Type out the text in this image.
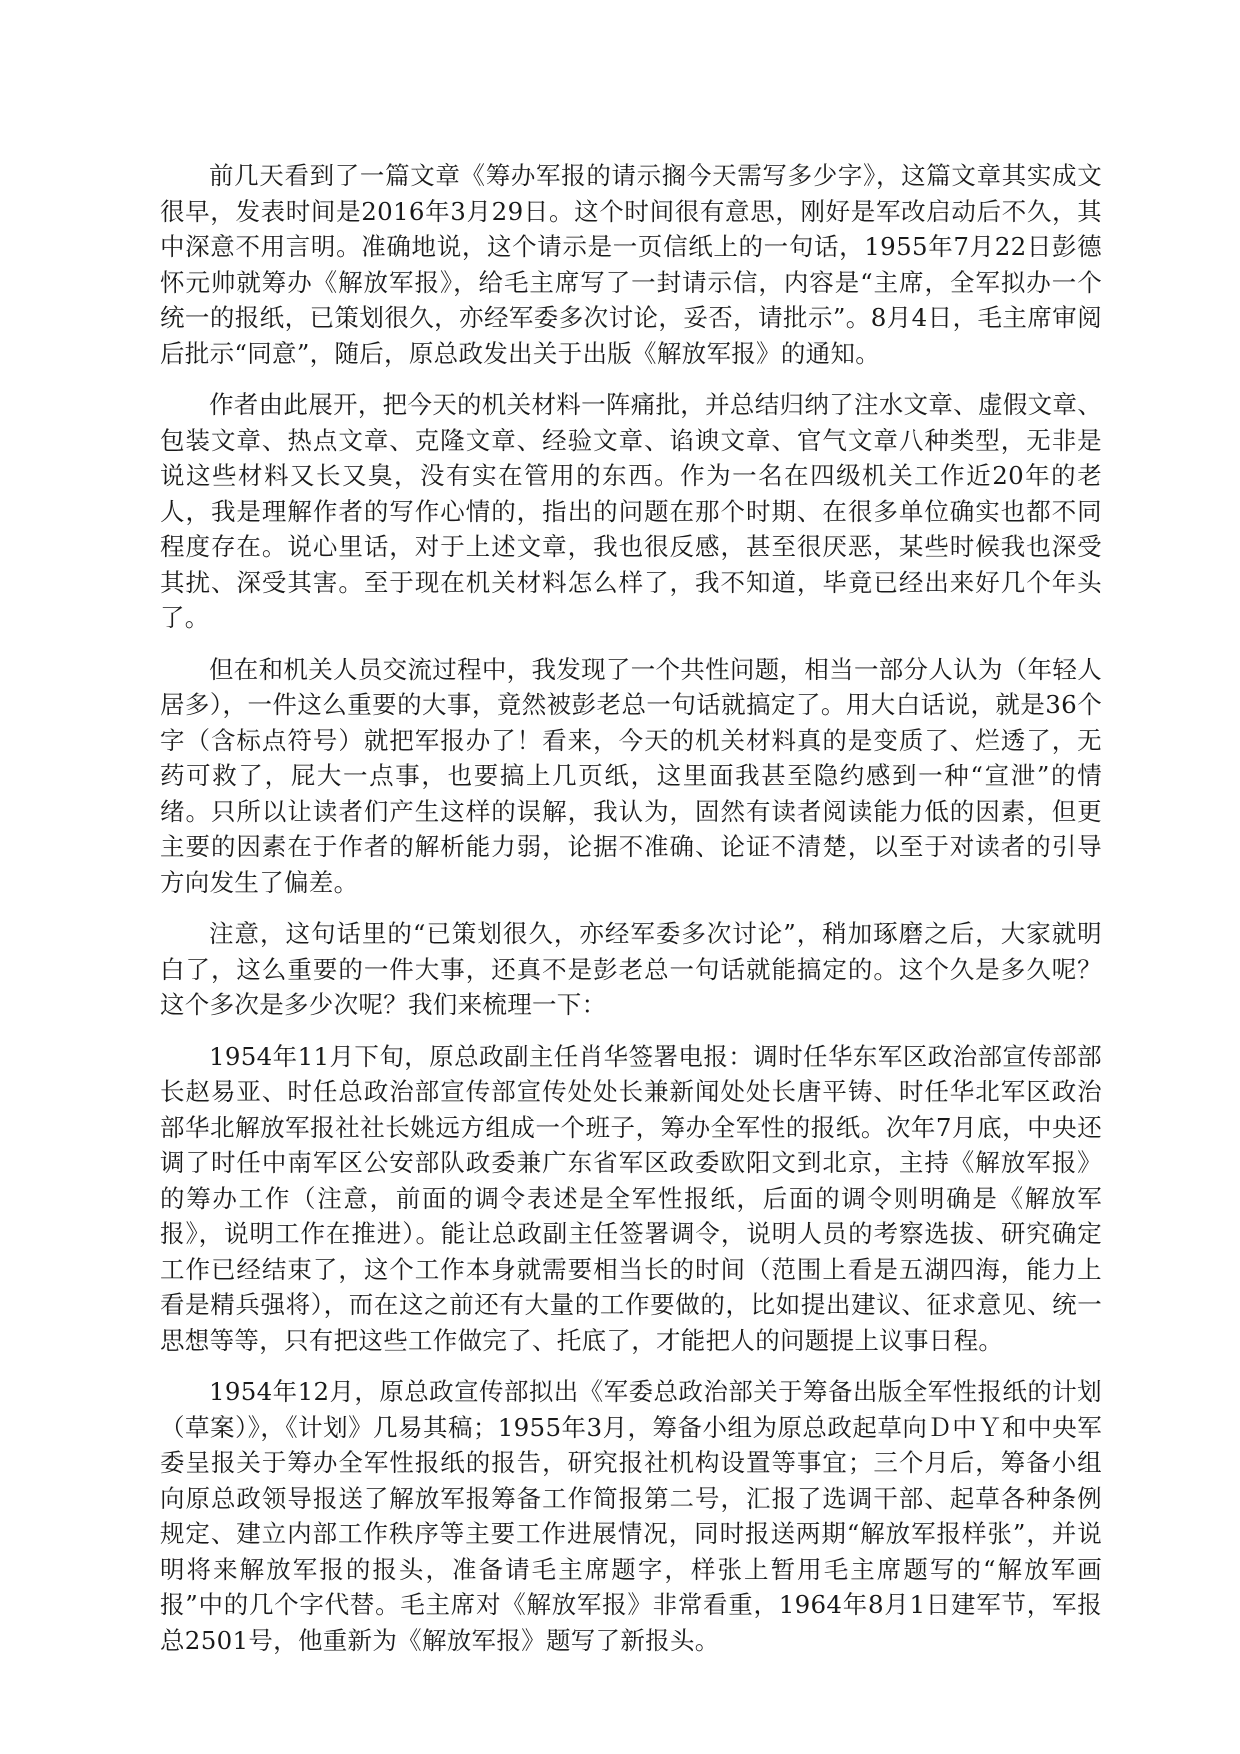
前几天看到了一篇文章《筹办军报的请示搁今天需写多少字》，这篇文章其实成文很早，发表时间是2016年3月29日。这个时间很有意思，刚好是军改启动后不久，其中深意不用言明。准确地说，这个请示是一页信纸上的一句话，1955年7月22日彭德怀元帅就筹办《解放军报》，给毛主席写了一封请示信，内容是“主席，全军拟办一个统一的报纸，已策划很久，亦经军委多次讨论，妥否，请批示”。8月4日，毛主席审阅后批示“同意”，随后，原总政发出关于出版《解放军报》的通知。

作者由此展开，把今天的机关材料一阵痛批，并总结归纳了注水文章、虚假文章、包装文章、热点文章、克隆文章、经验文章、谄谀文章、官气文章八种类型，无非是说这些材料又长又臭，没有实在管用的东西。作为一名在四级机关工作近20年的老人，我是理解作者的写作心情的，指出的问题在那个时期、在很多单位确实也都不同程度存在。说心里话，对于上述文章，我也很反感，甚至很厌恶，某些时候我也深受其扰、深受其害。至于现在机关材料怎么样了，我不知道，毕竟已经出来好几个年头了。

但在和机关人员交流过程中，我发现了一个共性问题，相当一部分人认为（年轻人居多），一件这么重要的大事，竟然被彭老总一句话就搞定了。用大白话说，就是36个字（含标点符号）就把军报办了！看来，今天的机关材料真的是变质了、烂透了，无药可救了，屁大一点事，也要搞上几页纸，这里面我甚至隐约感到一种“宣泄”的情绪。只所以让读者们产生这样的误解，我认为，固然有读者阅读能力低的因素，但更主要的因素在于作者的解析能力弱，论据不准确、论证不清楚，以至于对读者的引导方向发生了偏差。

注意，这句话里的“已策划很久，亦经军委多次讨论”，稍加琢磨之后，大家就明白了，这么重要的一件大事，还真不是彭老总一句话就能搞定的。这个久是多久呢？这个多次是多少次呢？我们来梳理一下：

1954年11月下旬，原总政副主任肖华签署电报：调时任华东军区政治部宣传部部长赵易亚、时任总政治部宣传部宣传处处长兼新闻处处长唐平铸、时任华北军区政治部华北解放军报社社长姚远方组成一个班子，筹办全军性的报纸。次年7月底，中央还调了时任中南军区公安部队政委兼广东省军区政委欧阳文到北京，主持《解放军报》的筹办工作（注意，前面的调令表述是全军性报纸，后面的调令则明确是《解放军报》，说明工作在推进）。能让总政副主任签署调令，说明人员的考察选拔、研究确定工作已经结束了，这个工作本身就需要相当长的时间（范围上看是五湖四海，能力上看是精兵强将），而在这之前还有大量的工作要做的，比如提出建议、征求意见、统一思想等等，只有把这些工作做完了、托底了，才能把人的问题提上议事日程。

1954年12月，原总政宣传部拟出《军委总政治部关于筹备出版全军性报纸的计划（草案）》，《计划》几易其稿；1955年3月，筹备小组为原总政起草向Ｄ中Ｙ和中央军委呈报关于筹办全军性报纸的报告，研究报社机构设置等事宜；三个月后，筹备小组向原总政领导报送了解放军报筹备工作简报第二号，汇报了选调干部、起草各种条例规定、建立内部工作秩序等主要工作进展情况，同时报送两期“解放军报样张”，并说明将来解放军报的报头，准备请毛主席题字，样张上暂用毛主席题写的“解放军画报”中的几个字代替。毛主席对《解放军报》非常看重，1964年8月1日建军节，军报总2501号，他重新为《解放军报》题写了新报头。
